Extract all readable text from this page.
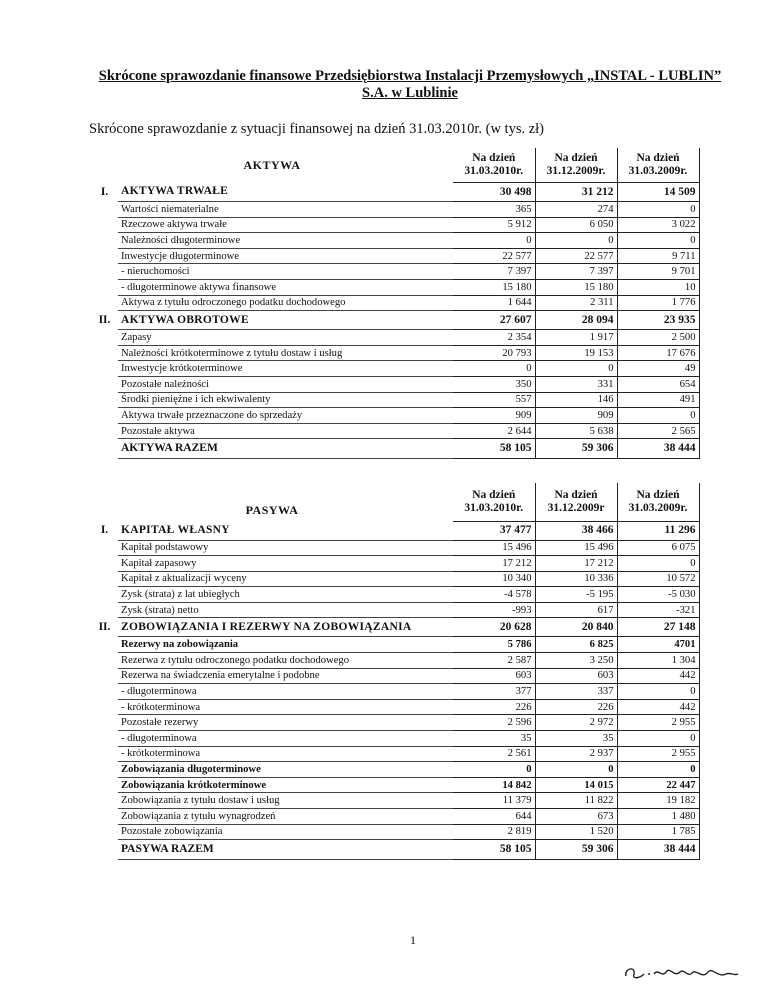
Skrócone sprawozdanie finansowe Przedsiębiorstwa Instalacji Przemysłowych „INSTAL - LUBLIN” S.A. w Lublinie
Skrócone sprawozdanie z sytuacji finansowej na dzień 31.03.2010r. (w tys. zł)
AKTYWA		Na dzień 31.03.2010r.	Na dzień 31.12.2009r.	Na dzień 31.03.2009r.
I.	AKTYWA TRWAŁE	30 498	31 212	14 509
	Wartości niematerialne	365	274	0
	Rzeczowe aktywa trwałe	5 912	6 050	3 022
	Należności długoterminowe	0	0	0
	Inwestycje długoterminowe	22 577	22 577	9 711
	- nieruchomości	7 397	7 397	9 701
	- długoterminowe aktywa finansowe	15 180	15 180	10
	Aktywa z tytułu odroczonego podatku dochodowego	1 644	2 311	1 776
II.	AKTYWA OBROTOWE	27 607	28 094	23 935
	Zapasy	2 354	1 917	2 500
	Należności krótkoterminowe z tytułu dostaw i usług	20 793	19 153	17 676
	Inwestycje krótkoterminowe	0	0	49
	Pozostałe należności	350	331	654
	Środki pieniężne i ich ekwiwalenty	557	146	491
	Aktywa trwałe przeznaczone do sprzedaży	909	909	0
	Pozostałe aktywa	2 644	5 638	2 565
	AKTYWA RAZEM	58 105	59 306	38 444
PASYWA		Na dzień 31.03.2010r.	Na dzień 31.12.2009r	Na dzień 31.03.2009r.
I.	KAPITAŁ WŁASNY	37 477	38 466	11 296
	Kapitał podstawowy	15 496	15 496	6 075
	Kapitał zapasowy	17 212	17 212	0
	Kapitał z aktualizacji wyceny	10 340	10 336	10 572
	Zysk (strata) z lat ubiegłych	-4 578	-5 195	-5 030
	Zysk (strata) netto	-993	617	-321
II.	ZOBOWIĄZANIA I REZERWY NA ZOBOWIĄZANIA	20 628	20 840	27 148
	Rezerwy na zobowiązania	5 786	6 825	4701
	Rezerwa z tytułu odroczonego podatku dochodowego	2 587	3 250	1 304
	Rezerwa na świadczenia emerytalne i podobne	603	603	442
	- długoterminowa	377	337	0
	- krótkoterminowa	226	226	442
	Pozostałe rezerwy	2 596	2 972	2 955
	- długoterminowa	35	35	0
	- krótkoterminowa	2 561	2 937	2 955
	Zobowiązania długoterminowe	0	0	0
	Zobowiązania krótkoterminowe	14 842	14 015	22 447
	Zobowiązania z tytułu dostaw i usług	11 379	11 822	19 182
	Zobowiązania z tytułu wynagrodzeń	644	673	1 480
	Pozostałe zobowiązania	2 819	1 520	1 785
	PASYWA RAZEM	58 105	59 306	38 444
1
